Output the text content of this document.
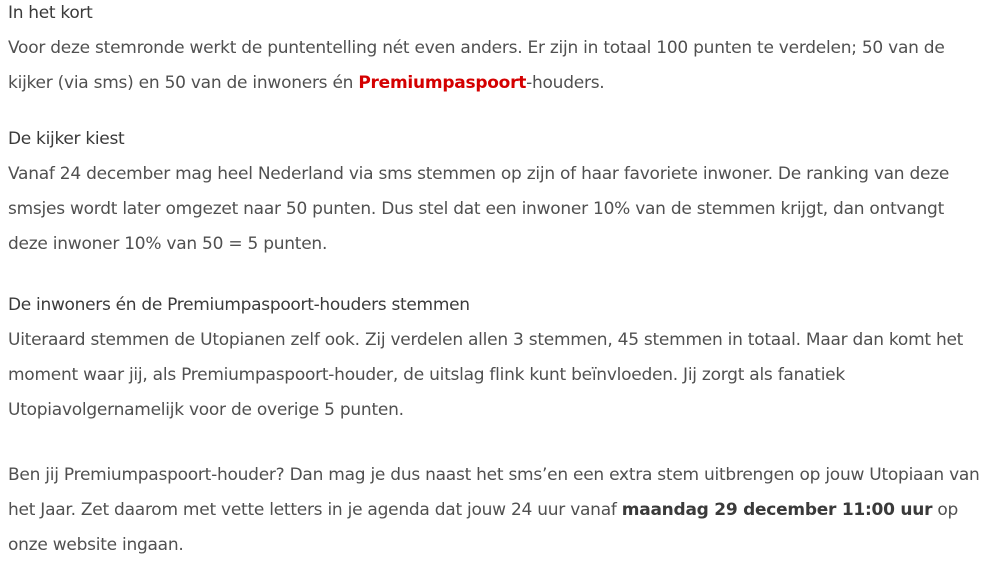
In het kort

Voor deze stemronde werkt de puntentelling nét even anders. Er zijn in totaal 100 punten te verdelen; 50 van de kijker (via sms) en 50 van de inwoners én Premiumpaspoort-houders.

De kijker kiest

Vanaf 24 december mag heel Nederland via sms stemmen op zijn of haar favoriete inwoner. De ranking van deze smsjes wordt later omgezet naar 50 punten. Dus stel dat een inwoner 10% van de stemmen krijgt, dan ontvangt deze inwoner 10% van 50 = 5 punten.

De inwoners én de Premiumpaspoort-houders stemmen

Uiteraard stemmen de Utopianen zelf ook. Zij verdelen allen 3 stemmen, 45 stemmen in totaal. Maar dan komt het moment waar jij, als Premiumpaspoort-houder, de uitslag flink kunt beïnvloeden. Jij zorgt als fanatiek Utopiavolgernamelijk voor de overige 5 punten.

Ben jij Premiumpaspoort-houder? Dan mag je dus naast het sms’en een extra stem uitbrengen op jouw Utopiaan van het Jaar. Zet daarom met vette letters in je agenda dat jouw 24 uur vanaf maandag 29 december 11:00 uur op onze website ingaan.
